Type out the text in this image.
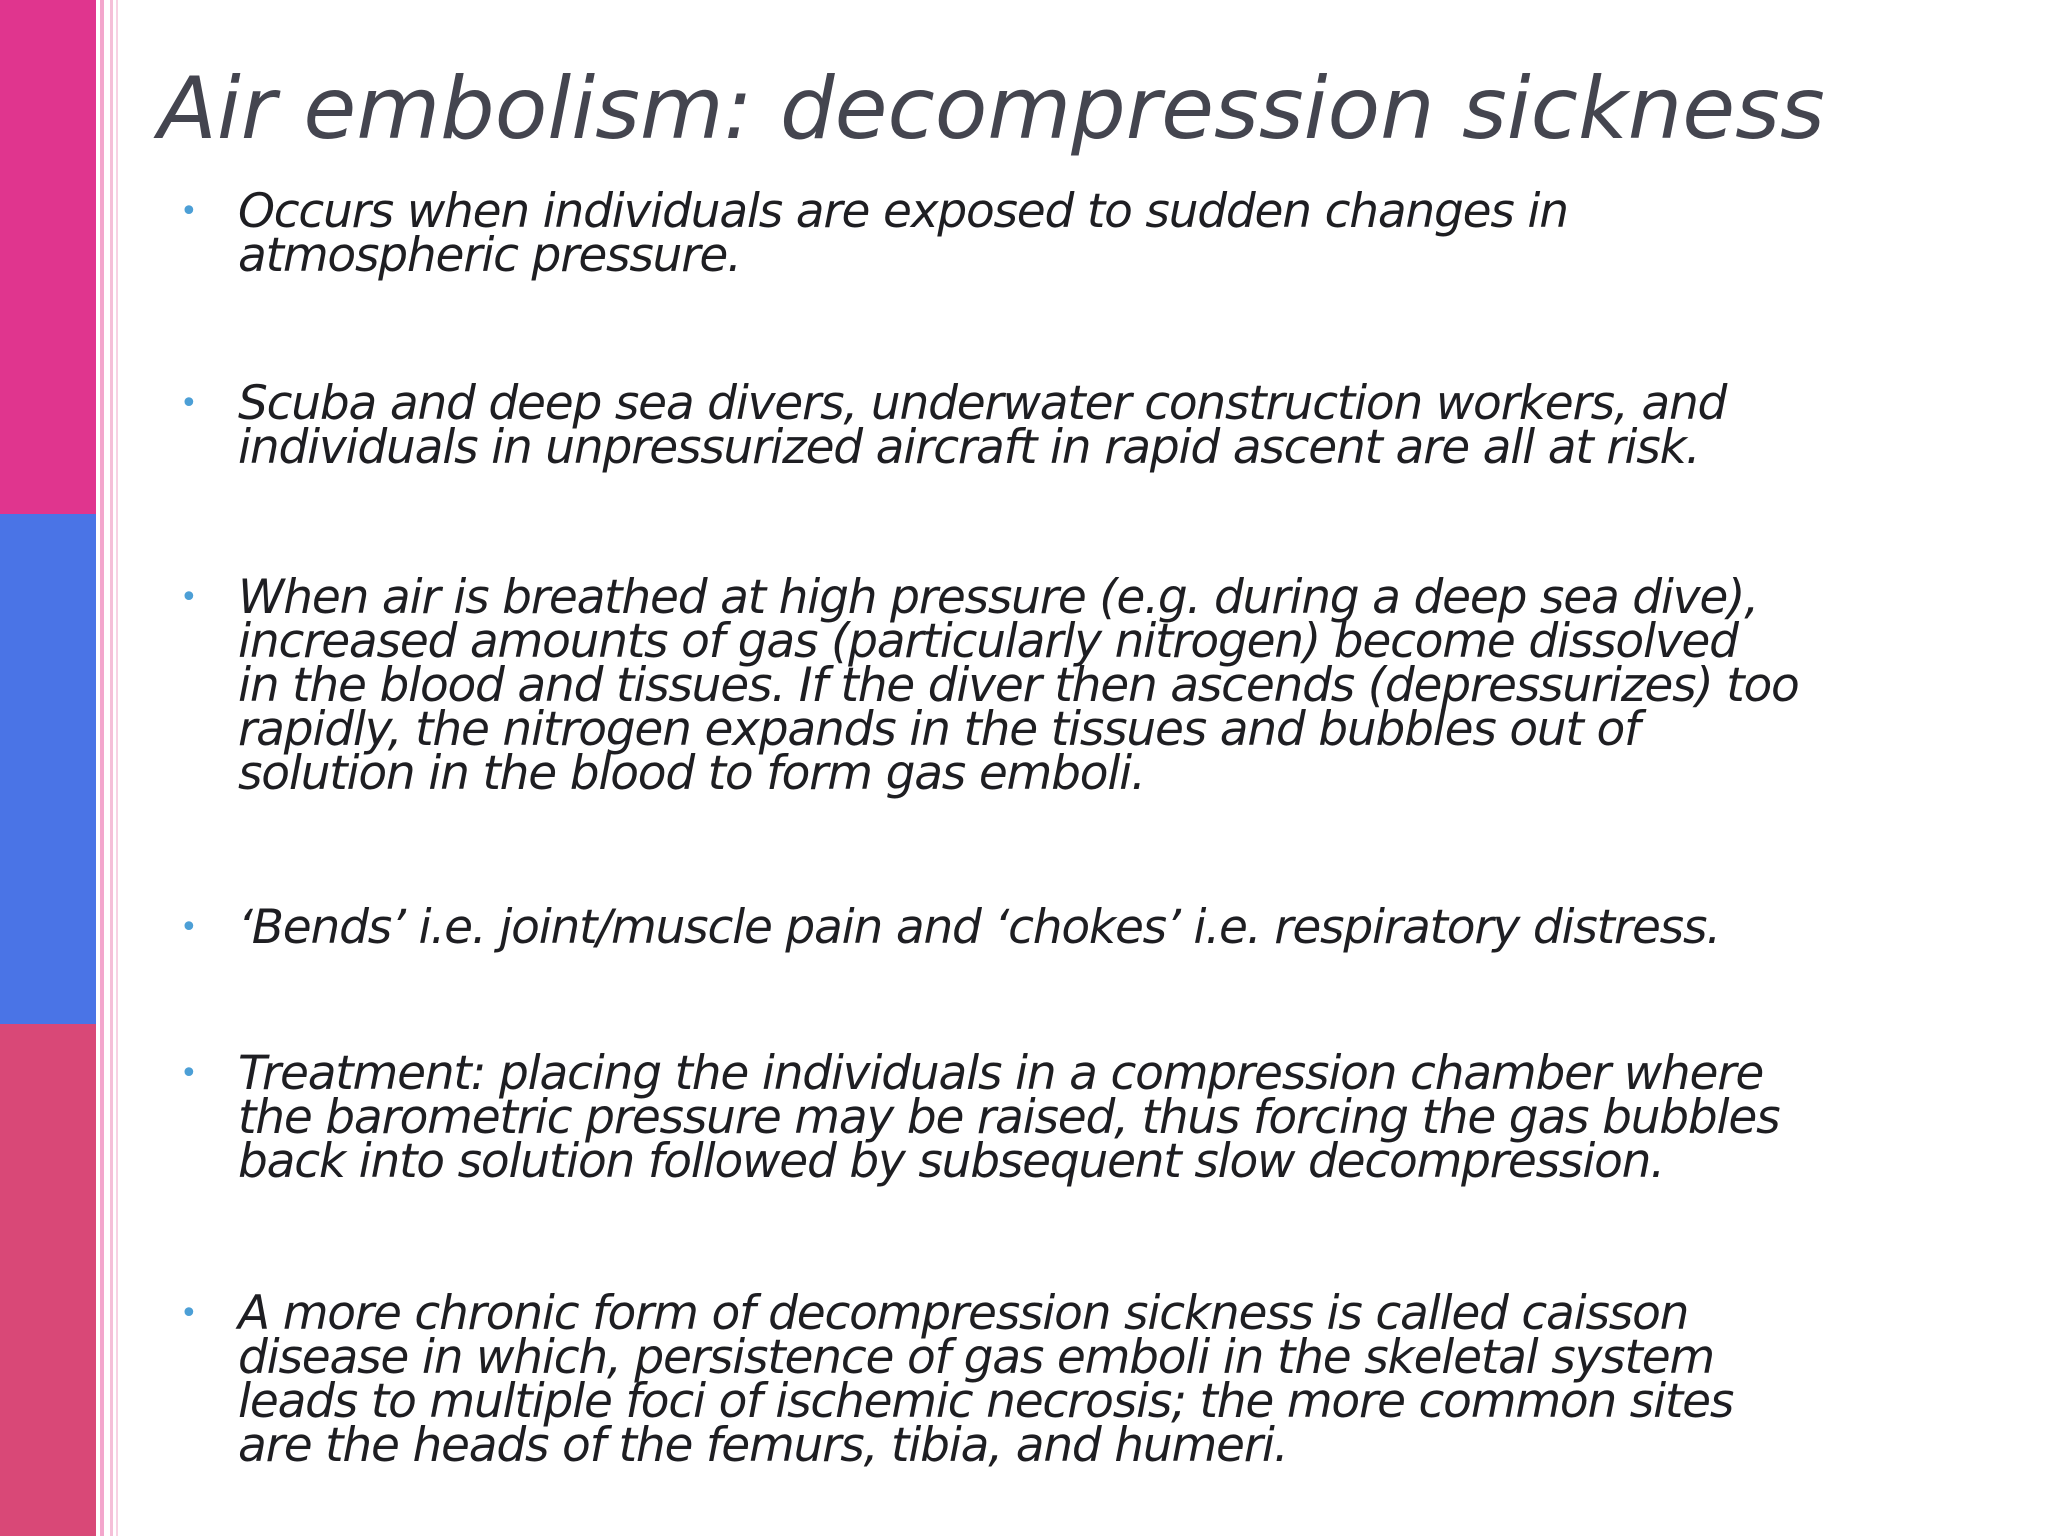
Air embolism: decompression sickness
• Occurs when individuals are exposed to sudden changes in
atmospheric pressure.
• Scuba and deep sea divers, underwater construction workers, and
individuals in unpressurized aircraft in rapid ascent are all at risk.
• When air is breathed at high pressure (e.g. during a deep sea dive),
increased amounts of gas (particularly nitrogen) become dissolved
in the blood and tissues. If the diver then ascends (depressurizes) too
rapidly, the nitrogen expands in the tissues and bubbles out of
solution in the blood to form gas emboli.
• ‘Bends’ i.e. joint/muscle pain and ‘chokes’ i.e. respiratory distress.
• Treatment: placing the individuals in a compression chamber where
the barometric pressure may be raised, thus forcing the gas bubbles
back into solution followed by subsequent slow decompression.
• A more chronic form of decompression sickness is called caisson
disease in which, persistence of gas emboli in the skeletal system
leads to multiple foci of ischemic necrosis; the more common sites
are the heads of the femurs, tibia, and humeri.
